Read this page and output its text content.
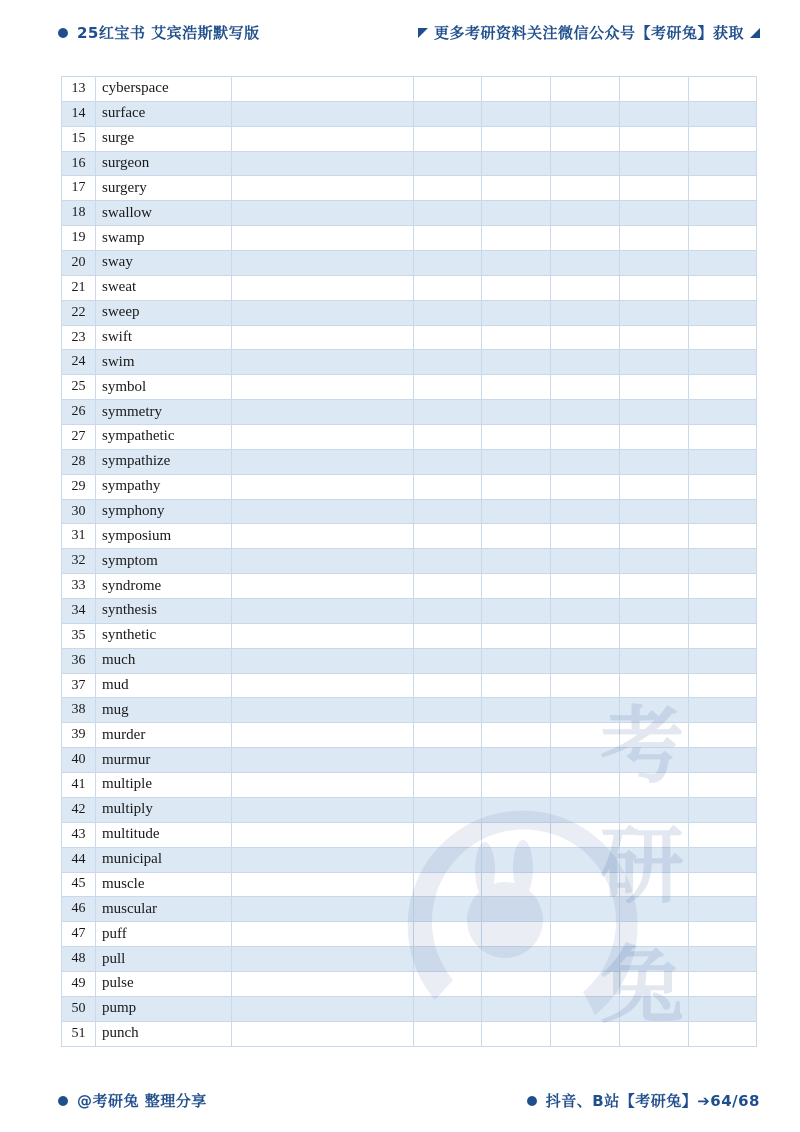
25红宝书 艾宾浩斯默写版	更多考研资料关注微信公众号【考研兔】获取
13	cyberspace						
14	surface						
15	surge						
16	surgeon						
17	surgery						
18	swallow						
19	swamp						
20	sway						
21	sweat						
22	sweep						
23	swift						
24	swim						
25	symbol						
26	symmetry						
27	sympathetic						
28	sympathize						
29	sympathy						
30	symphony						
31	symposium						
32	symptom						
33	syndrome						
34	synthesis						
35	synthetic						
36	much						
37	mud						
38	mug						
39	murder						
40	murmur						
41	multiple						
42	multiply						
43	multitude						
44	municipal						
45	muscle						
46	muscular						
47	puff						
48	pull						
49	pulse						
50	pump						
51	punch						
考
兔
@考研兔 整理分享	抖音、B站【考研兔】➔64/68
